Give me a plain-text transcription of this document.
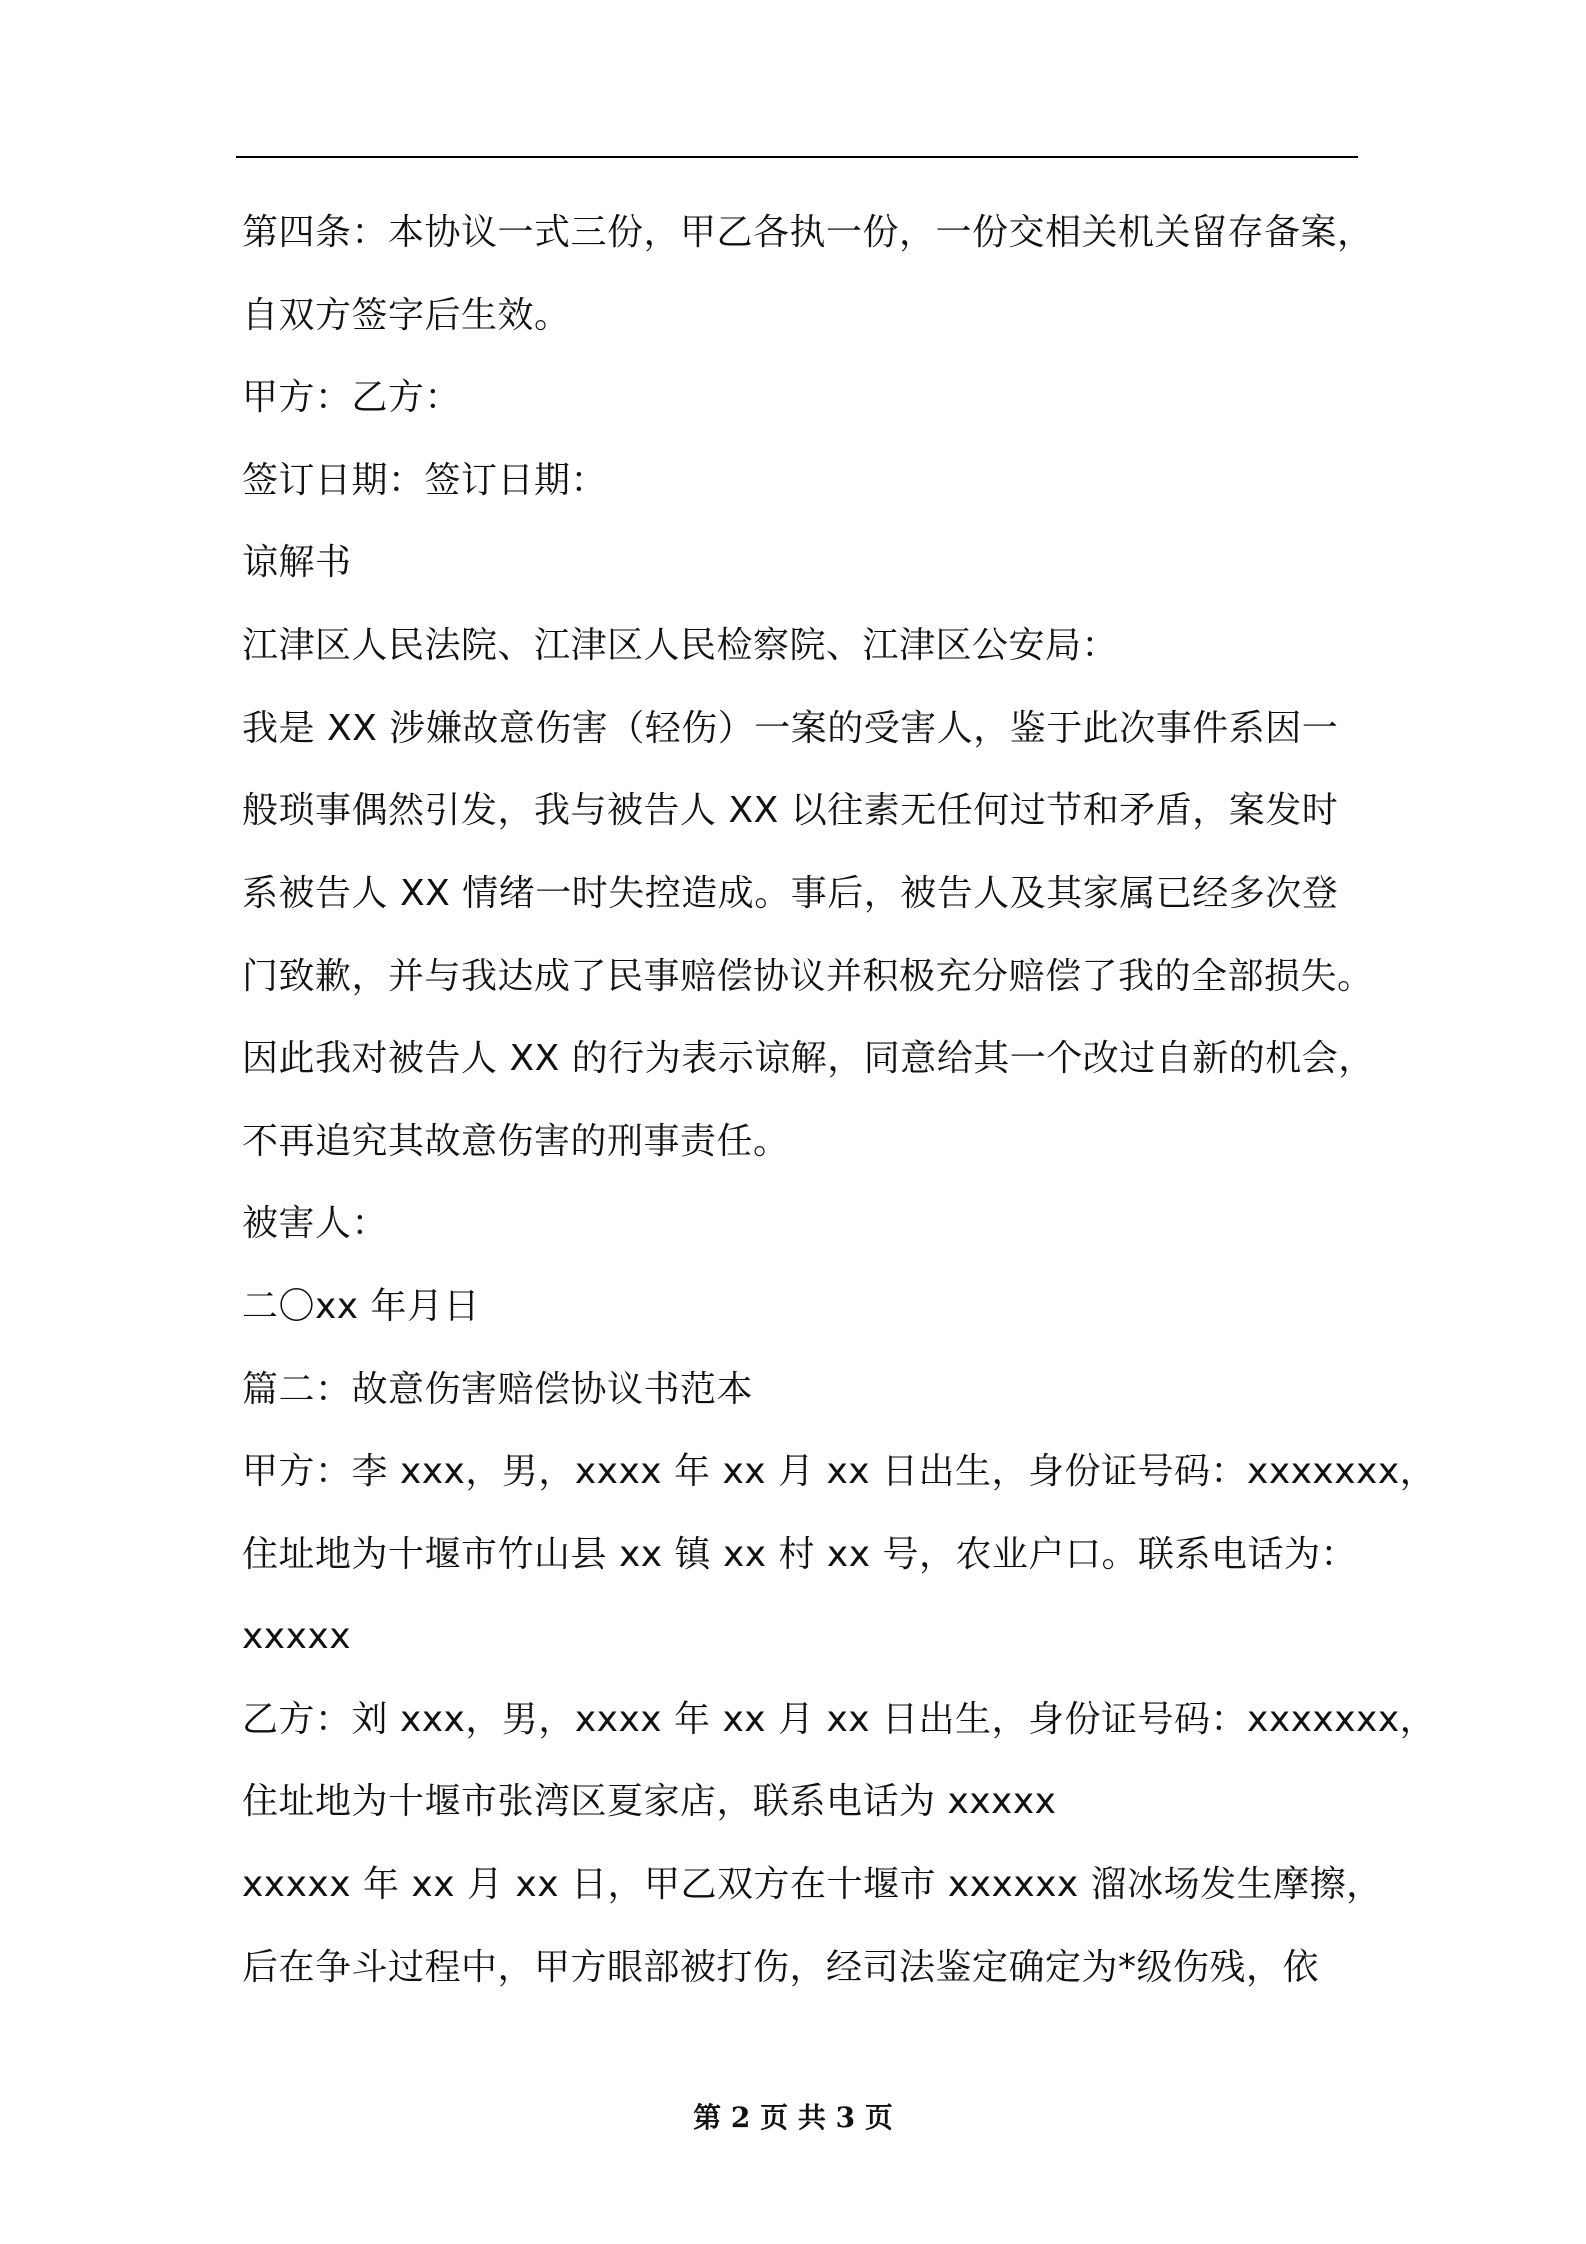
第四条：本协议一式三份，甲乙各执一份，一份交相关机关留存备案，
自双方签字后生效。
甲方：乙方：
签订日期：签订日期：
谅解书
江津区人民法院、江津区人民检察院、江津区公安局：
我是 XX 涉嫌故意伤害（轻伤）一案的受害人，鉴于此次事件系因一
般琐事偶然引发，我与被告人 XX 以往素无任何过节和矛盾，案发时
系被告人 XX 情绪一时失控造成。事后，被告人及其家属已经多次登
门致歉，并与我达成了民事赔偿协议并积极充分赔偿了我的全部损失。
因此我对被告人 XX 的行为表示谅解，同意给其一个改过自新的机会，
不再追究其故意伤害的刑事责任。
被害人：
二〇xx 年月日
篇二：故意伤害赔偿协议书范本
甲方：李 xxx，男，xxxx 年 xx 月 xx 日出生，身份证号码：xxxxxxx，
住址地为十堰市竹山县 xx 镇 xx 村 xx 号，农业户口。联系电话为：
xxxxx
乙方：刘 xxx，男，xxxx 年 xx 月 xx 日出生，身份证号码：xxxxxxx，
住址地为十堰市张湾区夏家店，联系电话为 xxxxx
xxxxx 年 xx 月 xx 日，甲乙双方在十堰市 xxxxxx 溜冰场发生摩擦，
后在争斗过程中，甲方眼部被打伤，经司法鉴定确定为*级伤残，依
第 2 页 共 3 页
